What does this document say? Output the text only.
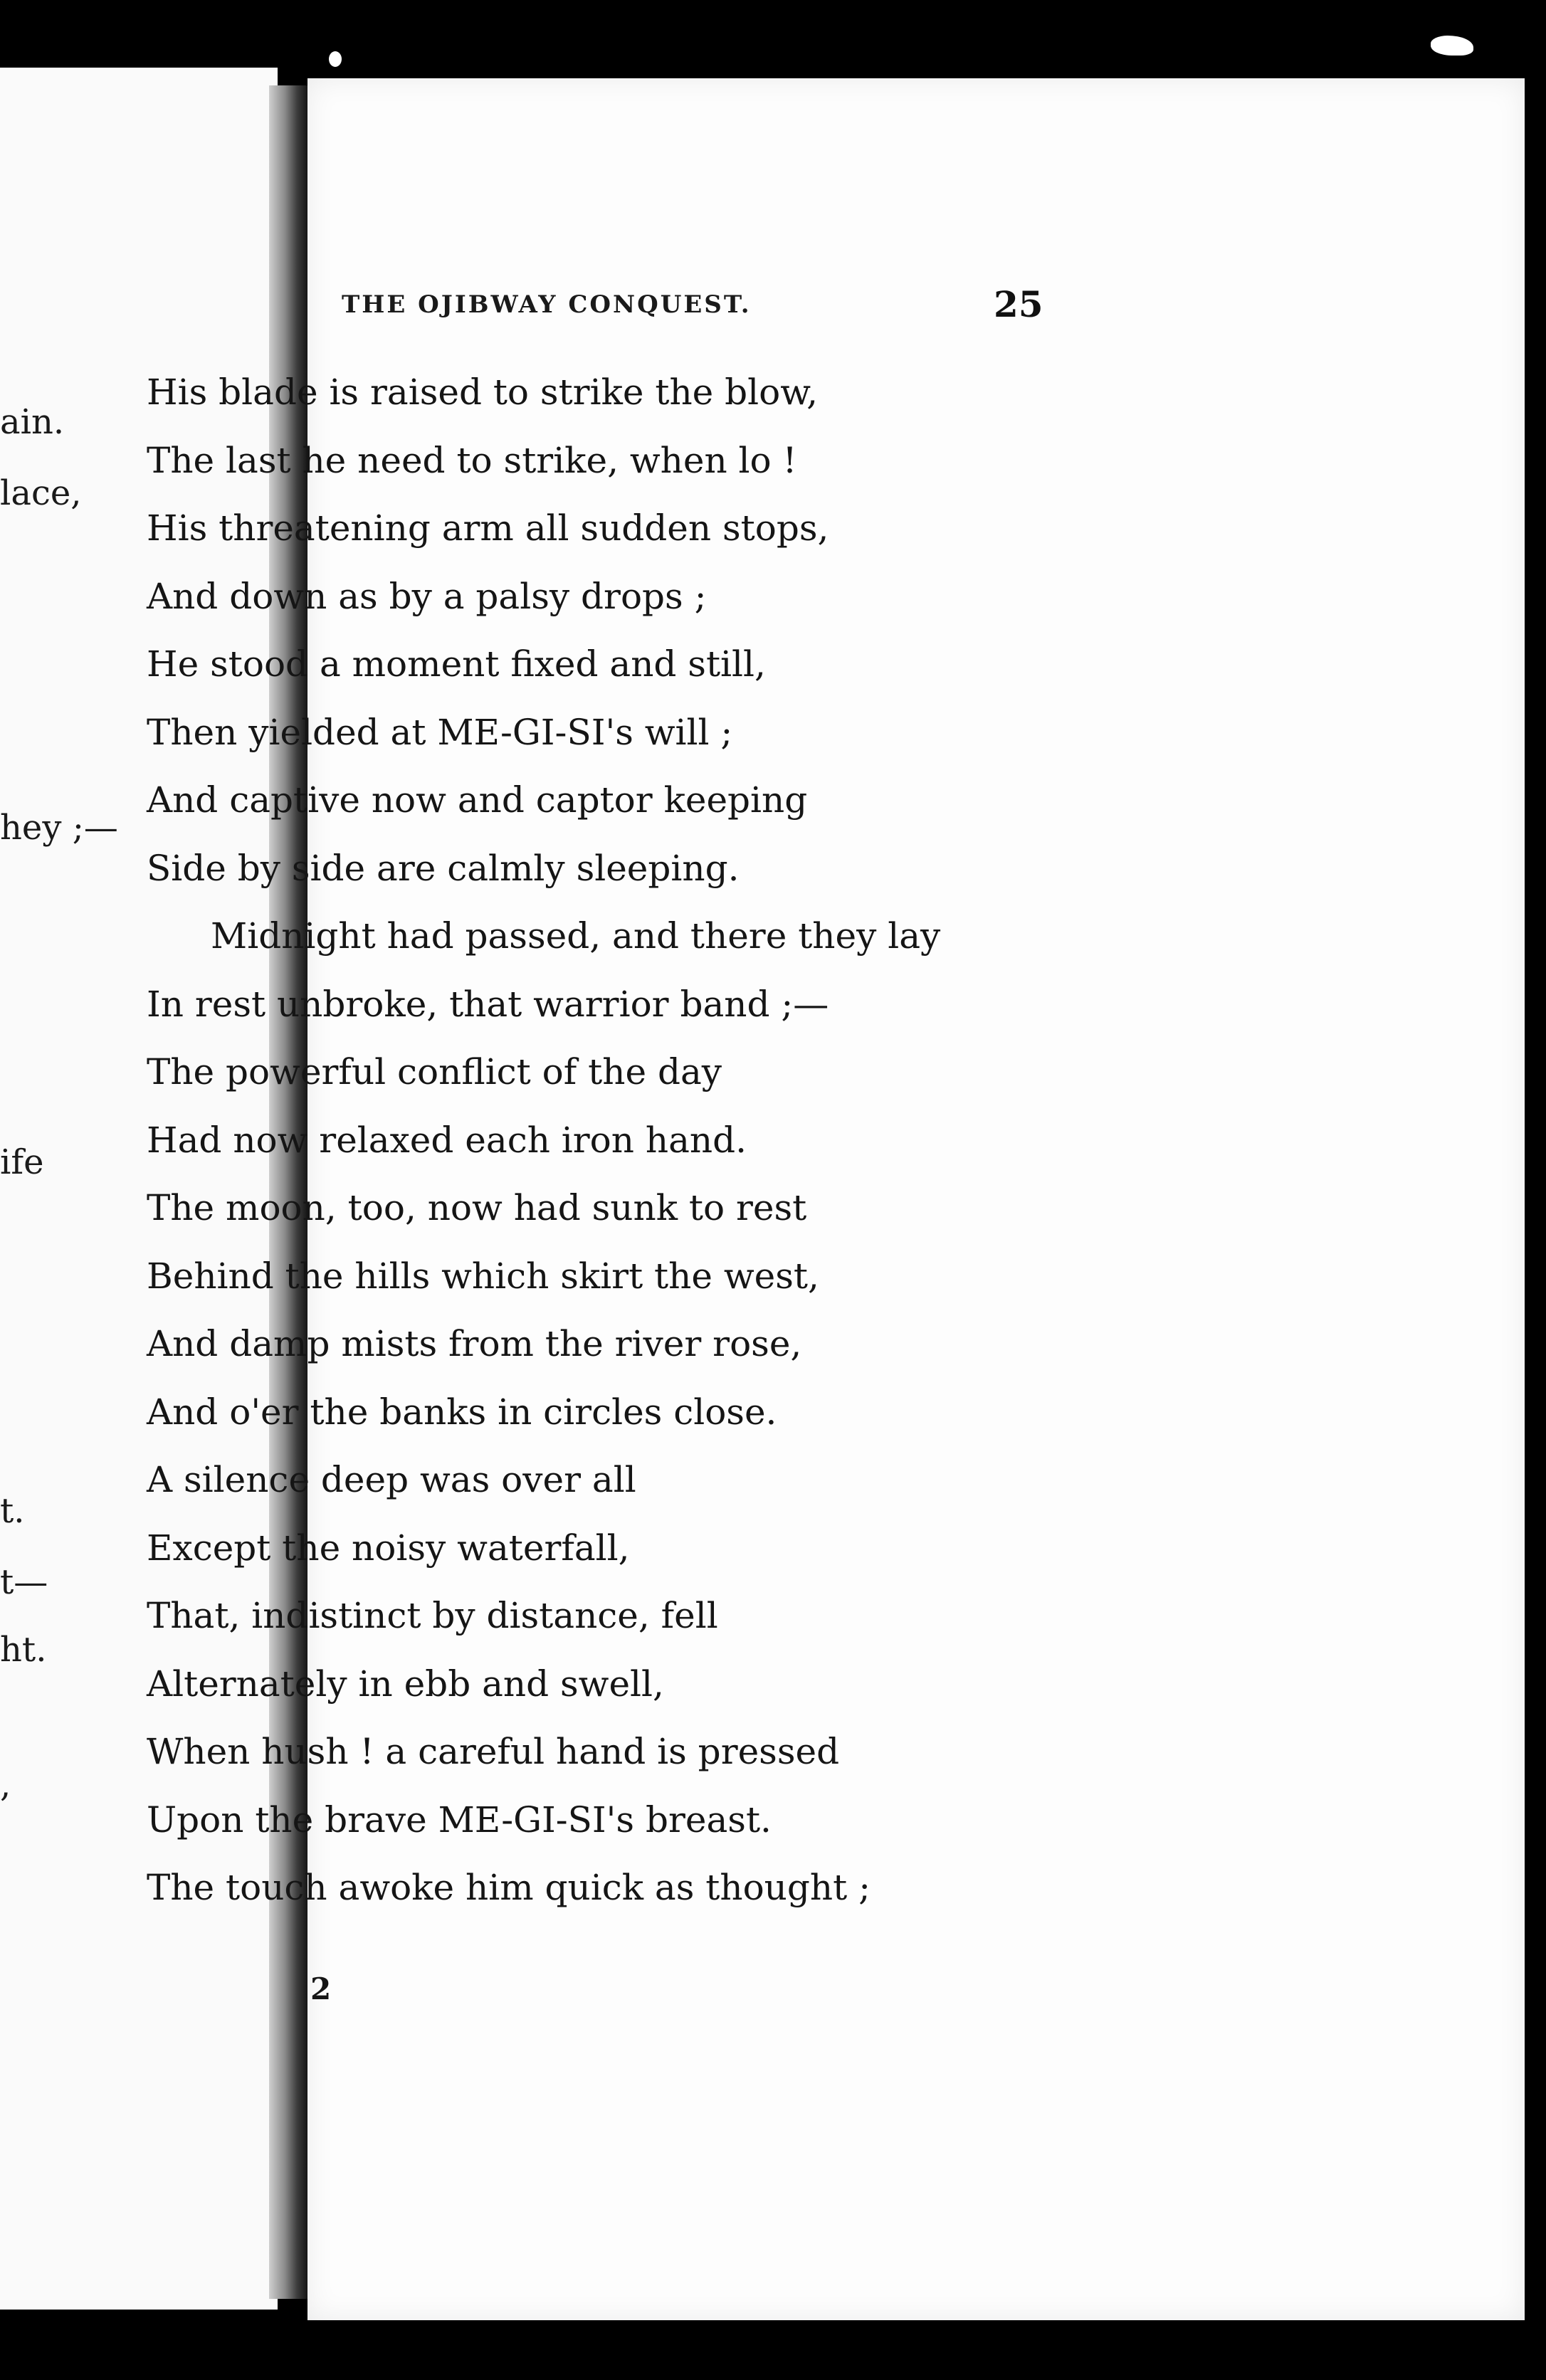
ain.
lace,
hey ;—
ife
t.
t—
ht.
,
THE OJIBWAY CONQUEST.	25
His blade is raised to strike the blow,
The last he need to strike, when lo !
His threatening arm all sudden stops,
And down as by a palsy drops ;
He stood a moment fixed and still,
Then yielded at ME-GI-SI's will ;
And captive now and captor keeping
Side by side are calmly sleeping.
Midnight had passed, and there they lay
In rest unbroke, that warrior band ;—
The powerful conflict of the day
Had now relaxed each iron hand.
The moon, too, now had sunk to rest
Behind the hills which skirt the west,
And damp mists from the river rose,
And o'er the banks in circles close.
A silence deep was over all
Except the noisy waterfall,
That, indistinct by distance, fell
Alternately in ebb and swell,
When hush ! a careful hand is pressed
Upon the brave ME-GI-SI's breast.
The touch awoke him quick as thought ;
2
